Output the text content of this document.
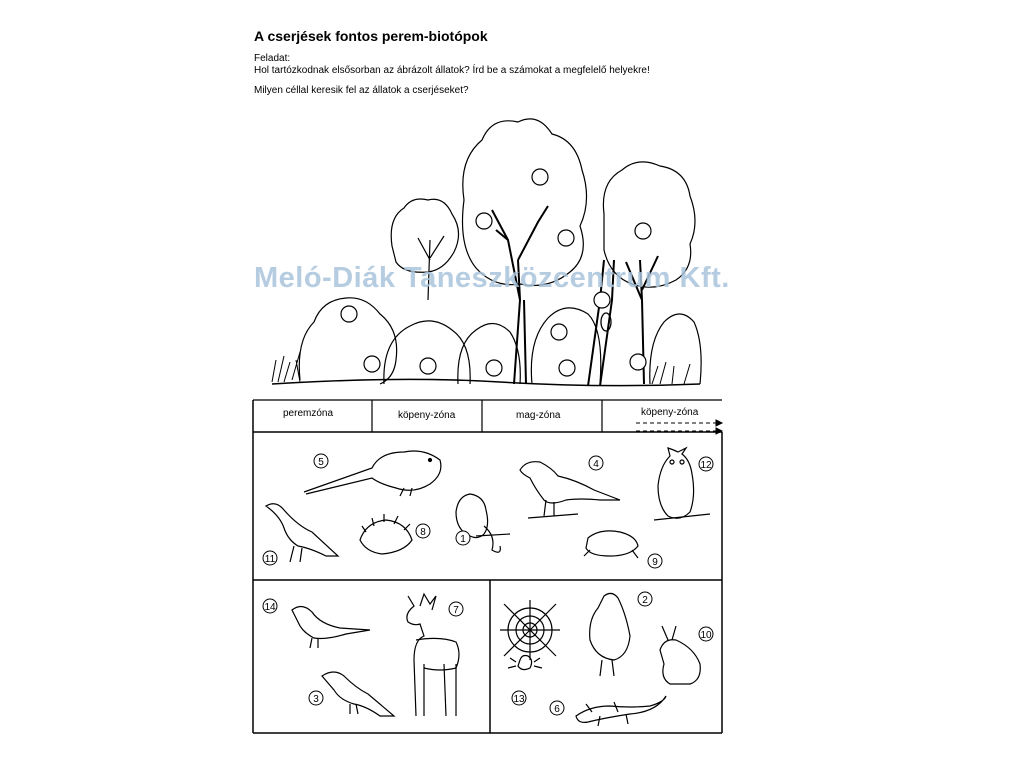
A cserjések fontos perem-biotópok
Feladat:
Hol tartózkodnak elsősorban az ábrázolt állatok? Írd be a számokat a megfelelő helyekre!
Milyen céllal keresik fel az állatok a cserjéseket?
peremzóna	köpeny-zóna	mag-zóna	köpeny-zóna
5	4	12
11
8
1
9
14	7
3
2
10
13
6
Meló-Diák Taneszközcentrum Kft.
